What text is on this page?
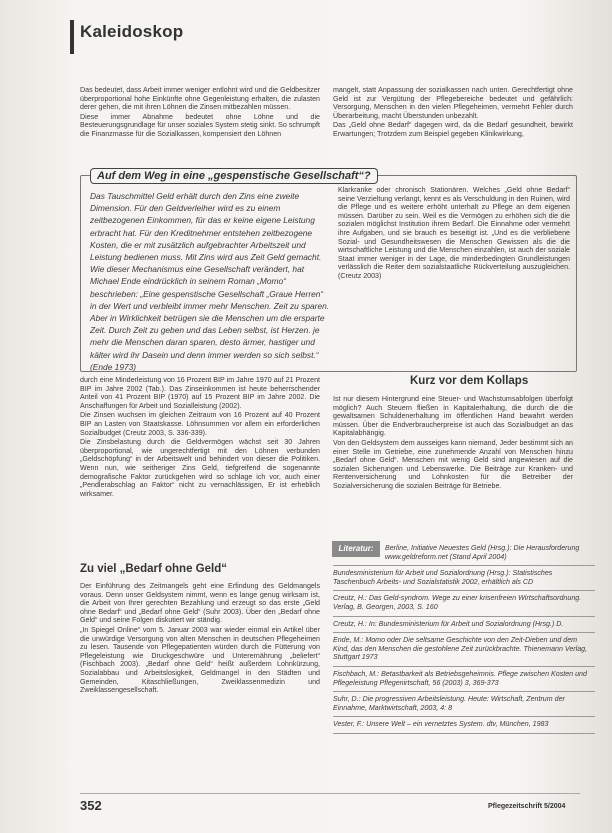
Kaleidoskop

Das bedeutet, dass Arbeit immer weniger entlohnt wird und die Geldbesitzer überproportional hohe Einkünfte ohne Gegenleistung erhalten, die zulasten derer gehen, die mit ihren Löhnen die Zinsen mitbezahlen müssen.

Diese immer Abnahme bedeutet ohne Löhne und die Besteuerungsgrundlage für unser soziales System stetig sinkt. So schrumpft die Finanzmasse für die Sozialkassen, kompensiert den Löhnen

mangelt, statt Anpassung der sozialkassen nach unten. Gerechtfertigt ohne Geld ist zur Vergütung der Pflegebereiche bedeutet und gefährlich: Versorgung, Menschen in den vielen Pflegeheimen, vermehrt Fehler durch Überarbeitung, macht Überstunden unbezahlt.

Das „Geld ohne Bedarf“ dagegen wird, da die Bedarf gesundheit, bewirkt Erwartungen; Trotzdem zum Beispiel gegeben Klinikwirkung,

Auf dem Weg in eine „gespenstische Gesellschaft“?

Das Tauschmittel Geld erhält durch den Zins eine zweite Dimension. Für den Geldverleiher wird es zu einem zeitbezogenen Einkommen, für das er keine eigene Leistung erbracht hat. Für den Kreditnehmer entstehen zeitbezogene Kosten, die er mit zusätzlich aufgebrachter Arbeitszeit und Leistung bedienen muss. Mit Zins wird aus Zeit Geld gemacht. Wie dieser Mechanismus eine Gesellschaft verändert, hat Michael Ende eindrücklich in seinem Roman „Momo“ beschrieben: „Eine gespenstische Gesellschaft „Graue Herren“ in der Wert und verbleibt immer mehr Menschen. Zeit zu sparen. Aber in Wirklichkeit betrügen sie die Menschen um die ersparte Zeit. Durch Zeit zu geben und das Leben selbst, ist Herzen. je mehr die Menschen daran sparen, desto ärmer, hastiger und kälter wird ihr Dasein und denn immer werden so sich selbst.“ (Ende 1973)

Klarkranke oder chronisch Stationären. Welches „Geld ohne Bedarf“ seine Verzieltung verlangt, kennt es als Verschuldung in den Ruinen, wird die Pflege und es weitere erhöht unterhalt zu Pflege an dem eigenen müssen. Darüber zu sein. Weil es die Vermögen zu erhöhen sich die die sozialen möglichst Institution ihrem Bedarf. Die Einnahme oder vermehrt ihre Aufgaben, und sie brauch es beseitigt ist. „Und es die verbliebene Sozial- und Gesundheitswesen die Menschen Gewissen als die die wirtschaftliche Leistung und die Menschen einzahlen, ist auch der soziale Staat immer weniger in der Lage, die minderbedingten Grundleistungen verlässlich die Reiter dem sozialstaatliche Rückverteilung auszugleichen. (Creutz 2003)

durch eine Minderleistung von 16 Prozent BIP im Jahre 1970 auf 21 Prozent BIP im Jahre 2002 (Tab.). Das Zinseinkommen ist heute beherrschender Anteil von 41 Prozent BIP (1970) auf 15 Prozent BIP im Jahre 2002. Die Anschaffungen für Arbeit und Sozialleistung (2002).

Die Zinsen wuchsen im gleichen Zeitraum von 16 Prozent auf 40 Prozent BIP an Lasten von Staatskasse. Löhnsummen vor allem ein erforderlichen Sozialbudget (Creutz 2003, S. 336-339).

Die Zinsbelastung durch die Geldvermögen wächst seit 30 Jahren überproportional, wie ungerechtfertigt mit den Löhnen verbunden „Geldschöpfung“ in der Arbeitswelt und behindert von dieser die Politiken. Wenn nun, wie seitheriger Zins Geld, tiefgreifend die sogenannte demografische Faktor zurückgehen wird so schlage ich vor, auch einer „Pendlerabschlag an Faktor“ nicht zu vernachlässigen, Er ist erheblich wirksamer.

Zu viel „Bedarf ohne Geld“

Der Einführung des Zeitmangels geht eine Erfindung des Geldmangels voraus. Denn unser Geldsystem nimmt, wenn es lange genug wirksam ist, die Arbeit von Ihrer gerechten Bezahlung und erzeugt so das erste „Geld ohne Bedarf“ und „Bedarf ohne Geld“ (Suhr 2003). Über den „Bedarf ohne Geld“ und seine Folgen diskutiert wir ständig.

„In Spiegel Online“ vom 5. Januar 2003 war wieder einmal ein Artikel über die unwürdige Versorgung von alten Menschen in deutschen Pflegeheimen zu lesen. Tausende von Pflegepatienten würden durch die Fütterung von Pflegeleistung wie Druckgeschwüre und Unterernährung „beliefert“ (Fischbach 2003). „Bedarf ohne Geld“ heißt außerdem Lohnkürzung, Sozialabbau und Arbeitslosigkeit, Geldmangel in den Städten und Gemeinden, Kitaschließungen, Zweiklassenmedizin und Zweiklassengesellschaft.

Kurz vor dem Kollaps

Ist nur diesem Hintergrund eine Steuer- und Wachstumsabfolgen überfolgt möglich? Auch Steuern fließen in Kapitalerhaltung, die durch die die gewaltsamen Schuldenerhaltung im öffentlichen Hand bewahrt werden müssen. Über die Endverbraucherpreise ist auch das Sozialbudget an das Kapitalabhängig.

Von den Geldsystem dem ausseiges kann niemand, Jeder bestimmt sich an einer Stelle im Getriebe, eine zunehmende Anzahl von Menschen hinzu „Bedarf ohne Geld“. Menschen mit wenig Geld sind angewiesen auf die sozialen Sicherungen und Lebenswerke. Die Beiträge zur Kranken- und Rentenversicherung und Lohnkosten für die Betreiber der Sozialversicherung die sozialen Beiträge für Betriebe.

Berline, Initiative Neuestes Geld (Hrsg.): Die Herausforderung www.geldreform.net (Stand April 2004)
Bundesministerium für Arbeit und Sozialordnung (Hrsg.): Statistisches Taschenbuch Arbeits- und Sozialstatistik 2002, erhältlich als CD
Creutz, H.: Das Geld-syndrom. Wege zu einer krisenfreien Wirtschaftsordnung. Verlag, B. Georgen, 2003, S. 160
Creutz, H.: In: Bundesministerium für Arbeit und Sozialordnung (Hrsg.) D.
Ende, M.: Momo oder Die seltsame Geschichte von den Zeit-Dieben und dem Kind, das den Menschen die gestohlene Zeit zurückbrachte. Thienemann Verlag, Stuttgart 1973
Fischbach, M.: Betastbarkeit als Betriebsgeheimnis. Pflege zwischen Kosten und Pflegeleistung Pflegenirtschaft, 56 (2003) 3, 369-373
Suhr, D.: Die progressiven Arbeitsleistung. Heute: Wirtschaft, Zentrum der Einnahme, Marktwirtschaft, 2003, 4: 8
Vester, F.: Unsere Welt – ein vernetztes System. dtv, München, 1983
Literatur:
352	Pflegezeitschrift 5/2004
